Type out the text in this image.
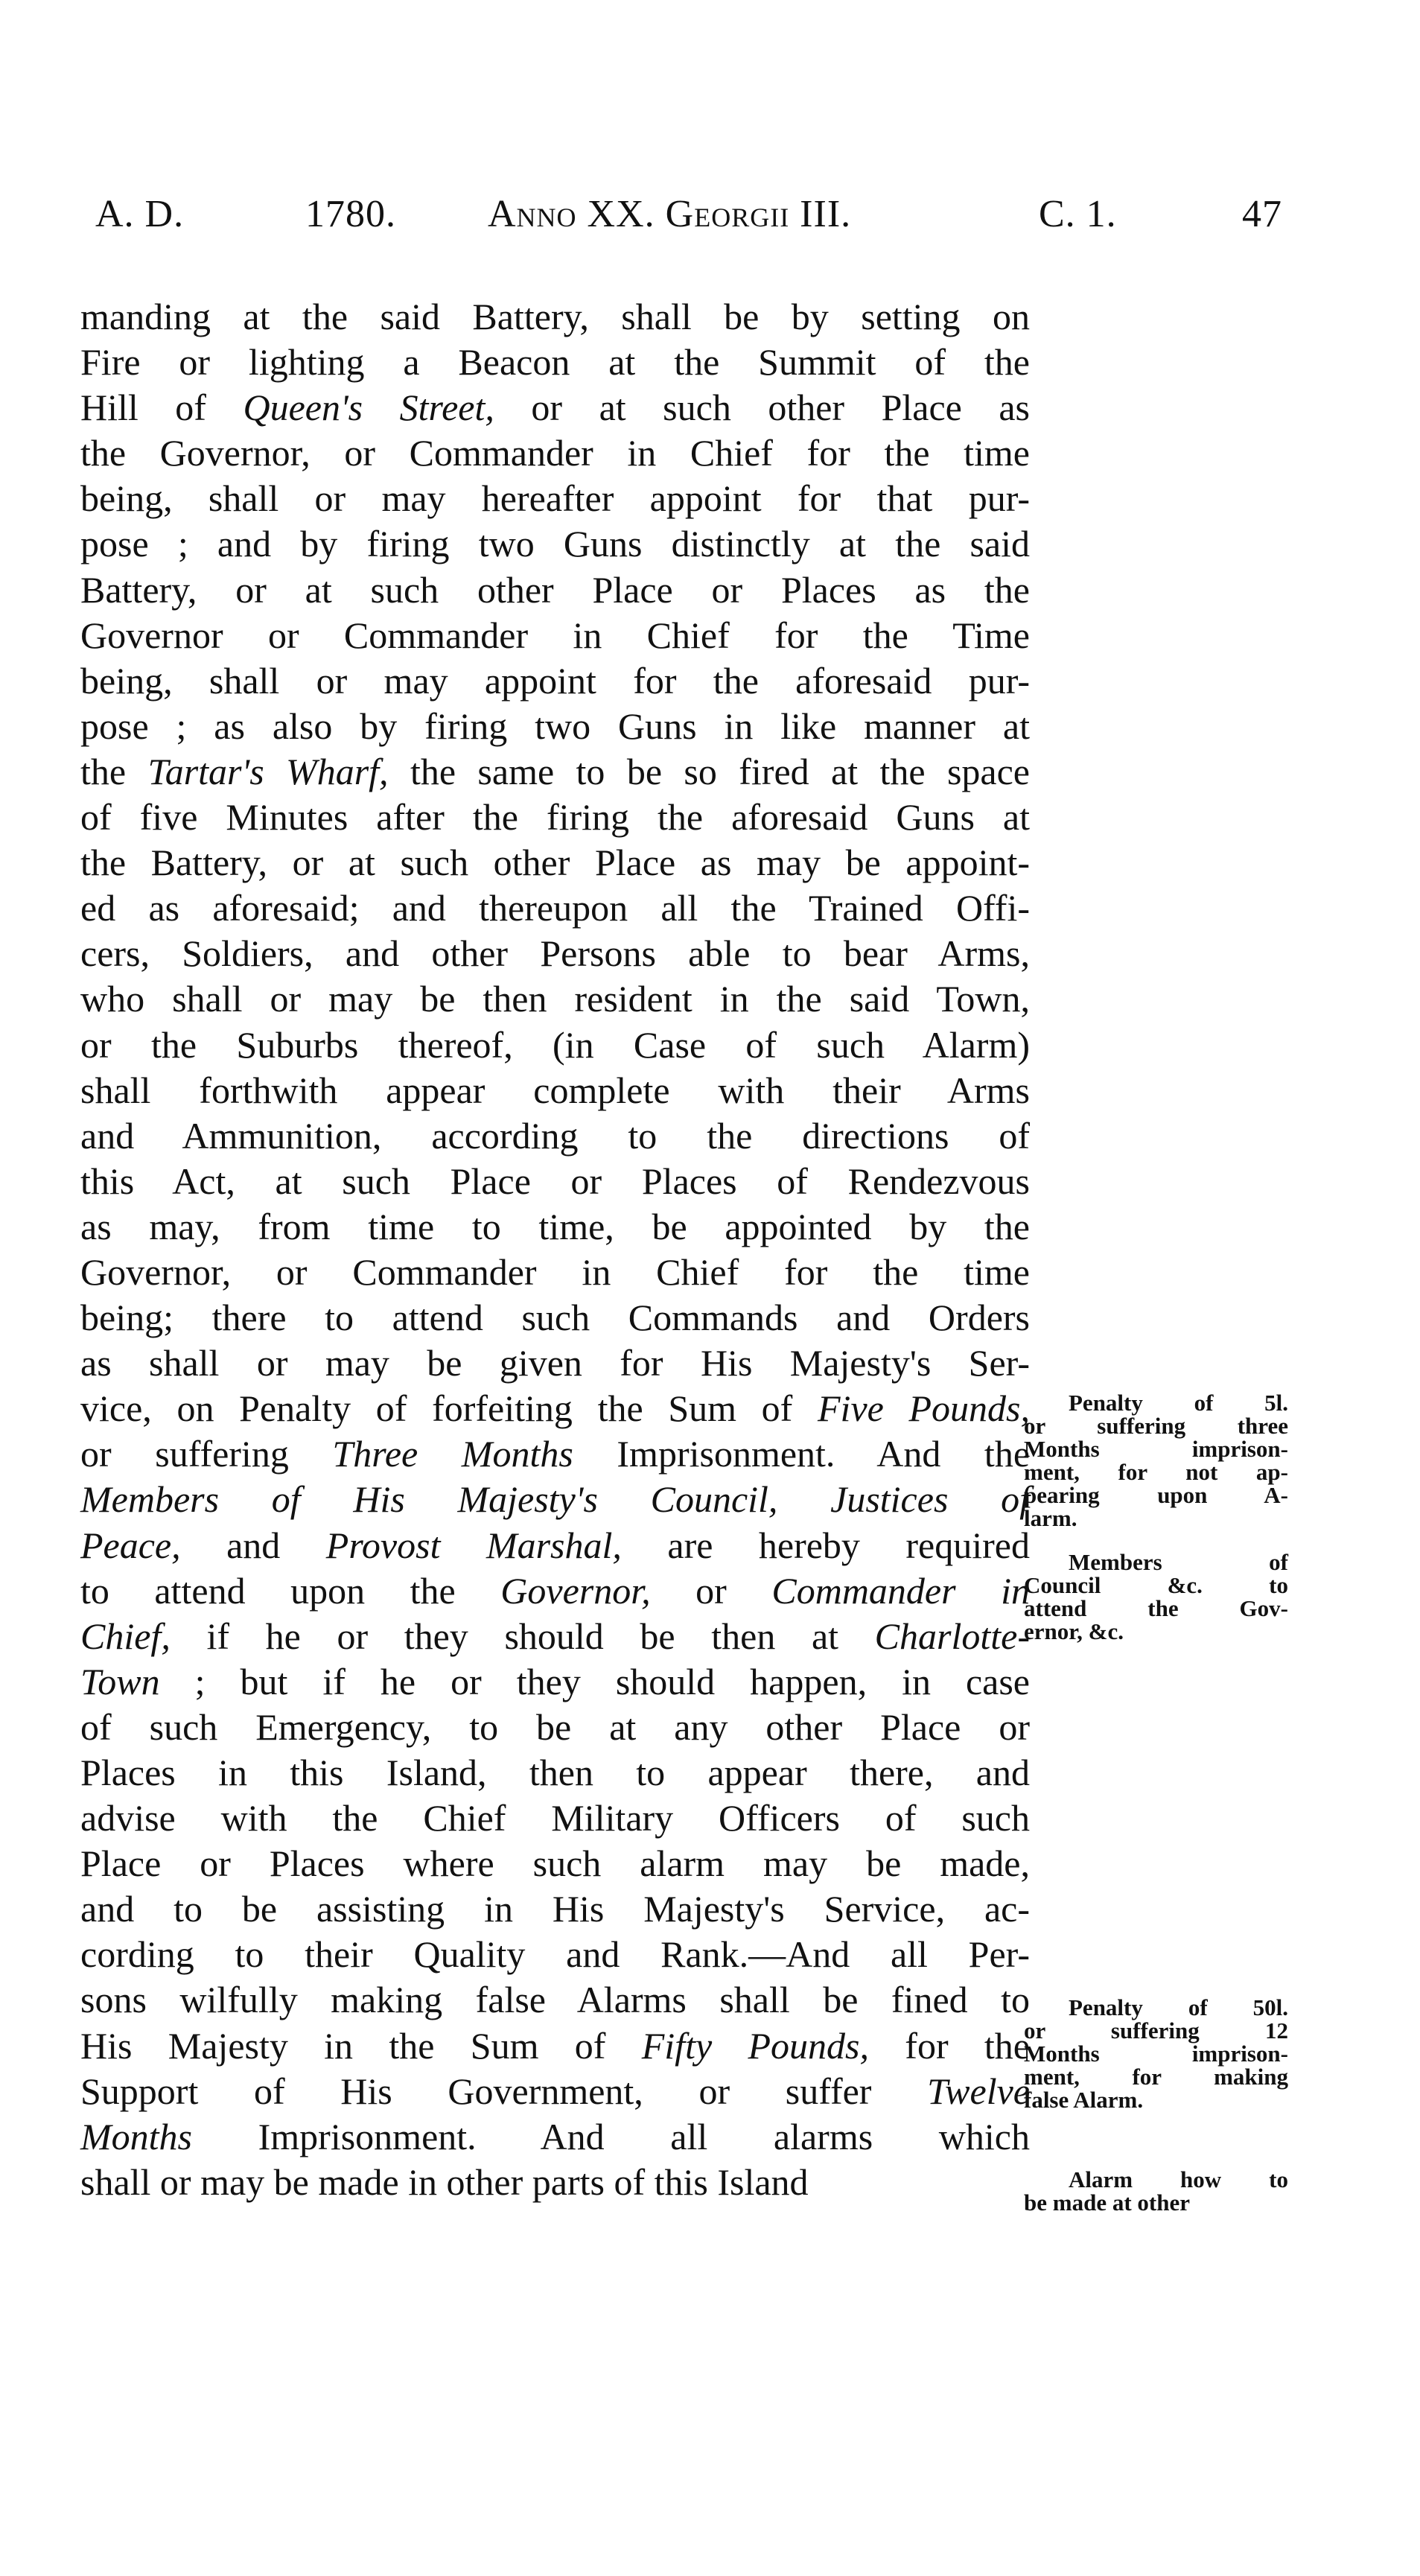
A. D.	1780. Anno XX. Georgii III.	C. 1.	47
manding at the said Battery, shall be by setting on
Fire or lighting a Beacon at the Summit of the
Hill of Queen's Street, or at such other Place as
the Governor, or Commander in Chief for the time
being, shall or may hereafter appoint for that pur-
pose ; and by firing two Guns distinctly at the said
Battery, or at such other Place or Places as the
Governor or Commander in Chief for the Time
being, shall or may appoint for the aforesaid pur-
pose ; as also by firing two Guns in like manner at
the Tartar's Wharf, the same to be so fired at the space
of five Minutes after the firing the aforesaid Guns at
the Battery, or at such other Place as may be appoint-
ed as aforesaid; and thereupon all the Trained Offi-
cers, Soldiers, and other Persons able to bear Arms,
who shall or may be then resident in the said Town,
or the Suburbs thereof, (in Case of such Alarm)
shall forthwith appear complete with their Arms
and Ammunition, according to the directions of
this Act, at such Place or Places of Rendezvous
as may, from time to time, be appointed by the
Governor, or Commander in Chief for the time
being; there to attend such Commands and Orders
as shall or may be given for His Majesty's Ser-
vice, on Penalty of forfeiting the Sum of Five Pounds,
or suffering Three Months Imprisonment. And the
Members of His Majesty's Council, Justices of
Peace, and Provost Marshal, are hereby required
to attend upon the Governor, or Commander in
Chief, if he or they should be then at Charlotte-
Town ; but if he or they should happen, in case
of such Emergency, to be at any other Place or
Places in this Island, then to appear there, and
advise with the Chief Military Officers of such
Place or Places where such alarm may be made,
and to be assisting in His Majesty's Service, ac-
cording to their Quality and Rank.—And all Per-
sons wilfully making false Alarms shall be fined to
His Majesty in the Sum of Fifty Pounds, for the
Support of His Government, or suffer Twelve
Months Imprisonment. And all alarms which
shall or may be made in other parts of this Island
Penalty of 5l.
or suffering three
Months imprison-
ment, for not ap-
pearing upon A-
larm.
Members of
Council &c. to
attend the Gov-
ernor, &c.
Penalty of 50l.
or suffering 12
Months imprison-
ment, for making
false Alarm.
Alarm how to
be made at other
